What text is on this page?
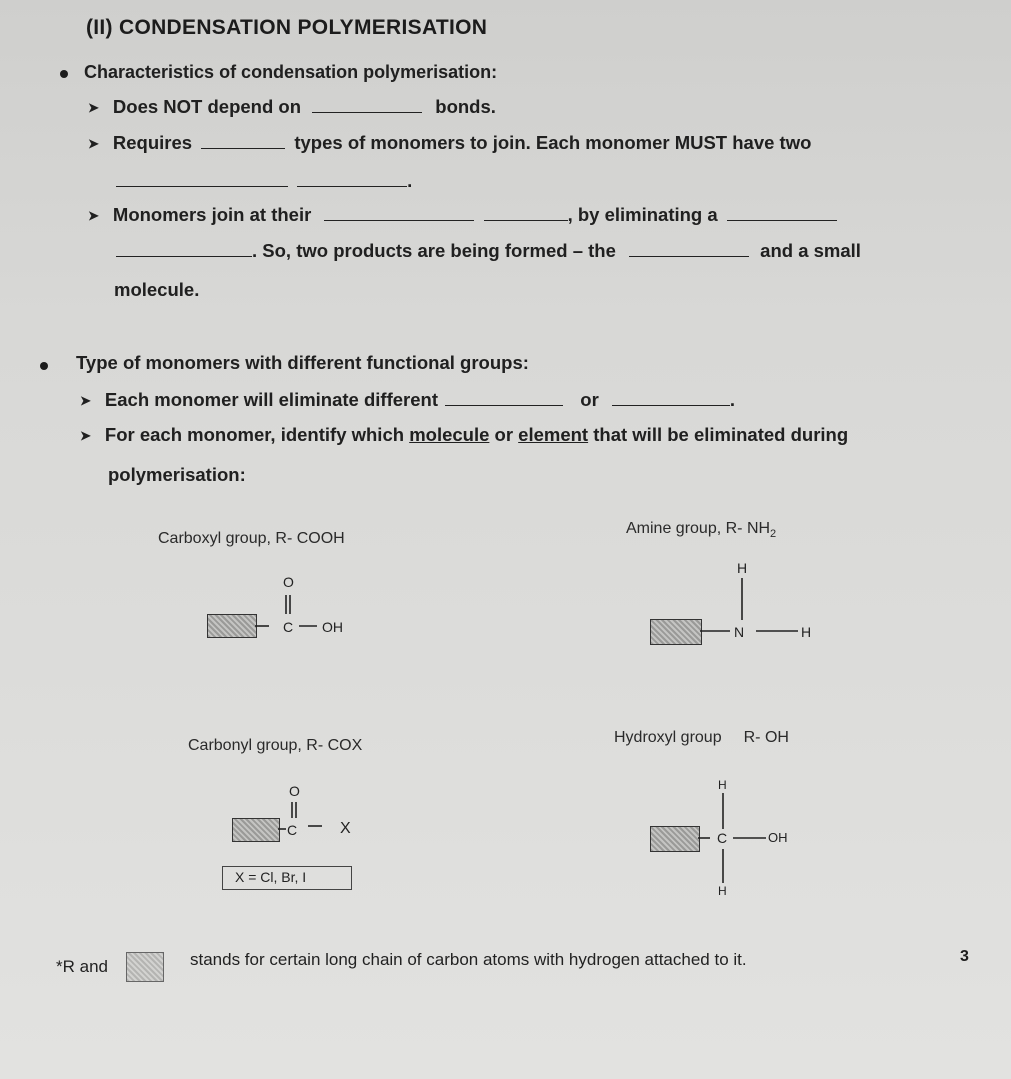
(II) CONDENSATION POLYMERISATION
Characteristics of condensation polymerisation:
➤ Does NOT depend on	bonds.
➤ Requires	types of monomers to join. Each monomer MUST have two
.
➤ Monomers join at their	, by eliminating a
. So, two products are being formed – the	and a small
molecule.
Type of monomers with different functional groups:
➤ Each monomer will eliminate different	or	.
➤ For each monomer, identify which molecule or element that will be eliminated during
polymerisation:
Carboxyl group, R- COOH
O
C OH
Amine group, R- $NH_2$
H
N	H
Carbonyl group, R- COX
O
C	X
X = Cl, Br, I
Hydroxyl group R- OH
H
C	OH
H
*R and	stands for certain long chain of carbon atoms with hydrogen attached to it.	3
